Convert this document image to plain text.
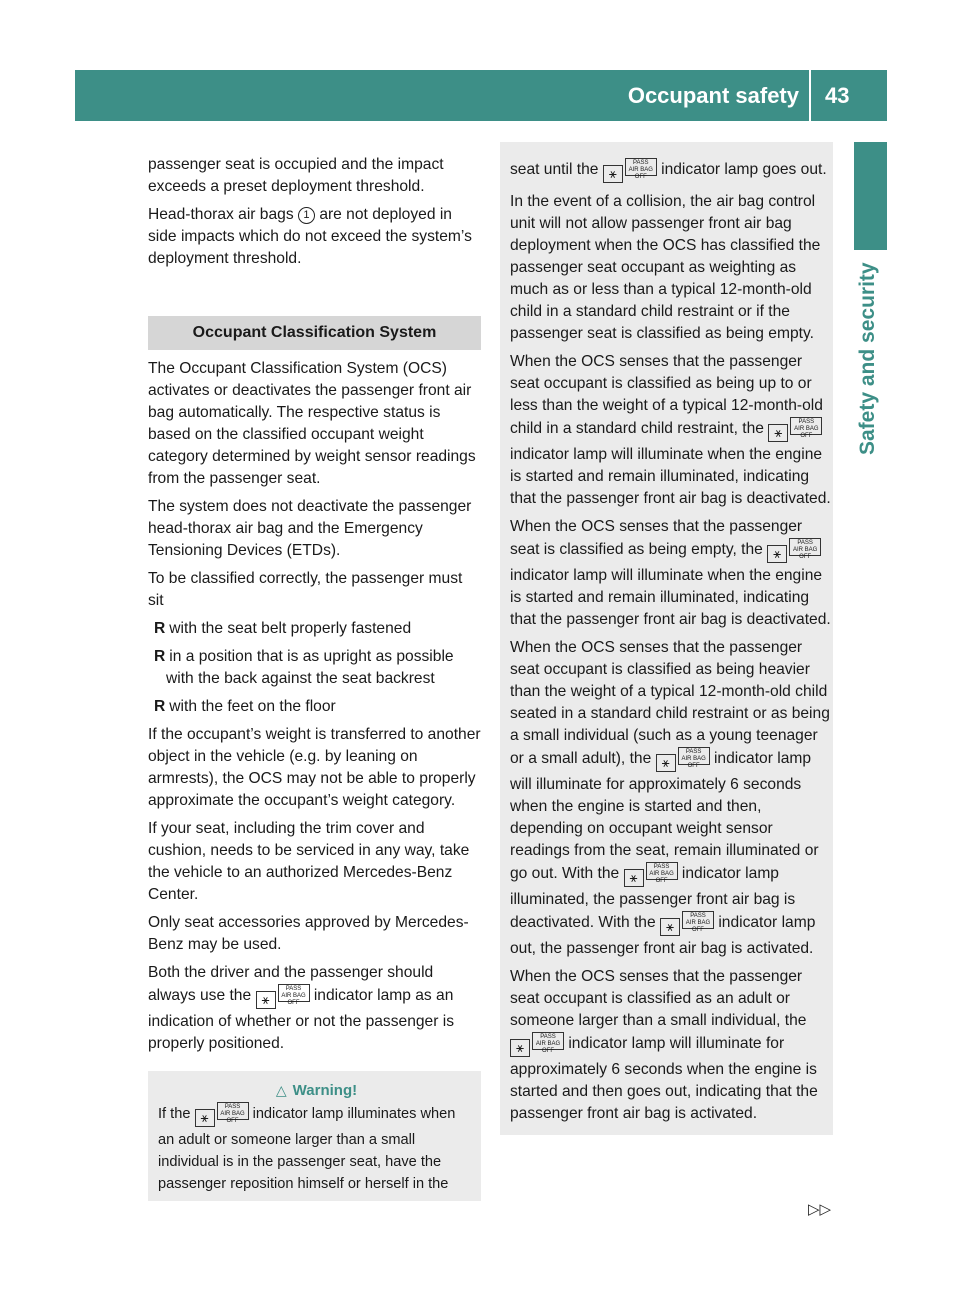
Occupant safety	43
Safety and security

passenger seat is occupied and the impact exceeds a preset deployment threshold.

Head-thorax air bags 1 are not deployed in side impacts which do not exceed the system’s deployment threshold.

Occupant Classification System

The Occupant Classification System (OCS) activates or deactivates the passenger front air bag automatically. The respective status is based on the classified occupant weight category determined by weight sensor readings from the passenger seat.

The system does not deactivate the passenger head-thorax air bag and the Emergency Tensioning Devices (ETDs).

To be classified correctly, the passenger must sit

R with the seat belt properly fastened
R in a position that is as upright as possible with the back against the seat backrest
R with the feet on the floor

If the occupant’s weight is transferred to another object in the vehicle (e.g. by leaning on armrests), the OCS may not be able to properly approximate the occupant’s weight category.

If your seat, including the trim cover and cushion, needs to be serviced in any way, take the vehicle to an authorized Mercedes-Benz Center.

Only seat accessories approved by Mercedes-Benz may be used.

Both the driver and the passenger should always use the ⚹PASS
AIR BAG OFF indicator lamp as an indication of whether or not the passenger is properly positioned.

△ Warning!
If the ⚹PASS
AIR BAG OFF indicator lamp illuminates when an adult or someone larger than a small individual is in the passenger seat, have the passenger reposition himself or herself in the

seat until the ⚹PASS
AIR BAG OFF indicator lamp goes out.

In the event of a collision, the air bag control unit will not allow passenger front air bag deployment when the OCS has classified the passenger seat occupant as weighting as much as or less than a typical 12-month-old child in a standard child restraint or if the passenger seat is classified as being empty.

When the OCS senses that the passenger seat occupant is classified as being up to or less than the weight of a typical 12-month-old child in a standard child restraint, the ⚹PASS
AIR BAG OFF indicator lamp will illuminate when the engine is started and remain illuminated, indicating that the passenger front air bag is deactivated.

When the OCS senses that the passenger seat is classified as being empty, the ⚹PASS
AIR BAG OFF indicator lamp will illuminate when the engine is started and remain illuminated, indicating that the passenger front air bag is deactivated.

When the OCS senses that the passenger seat occupant is classified as being heavier than the weight of a typical 12-month-old child seated in a standard child restraint or as being a small individual (such as a young teenager or a small adult), the ⚹PASS
AIR BAG OFF indicator lamp will illuminate for approximately 6 seconds when the engine is started and then, depending on occupant weight sensor readings from the seat, remain illuminated or go out. With the ⚹PASS
AIR BAG OFF indicator lamp illuminated, the passenger front air bag is deactivated. With the ⚹PASS
AIR BAG OFF indicator lamp out, the passenger front air bag is activated.

When the OCS senses that the passenger seat occupant is classified as an adult or someone larger than a small individual, the ⚹PASS
AIR BAG OFF indicator lamp will illuminate for approximately 6 seconds when the engine is started and then goes out, indicating that the passenger front air bag is activated.

▷▷
